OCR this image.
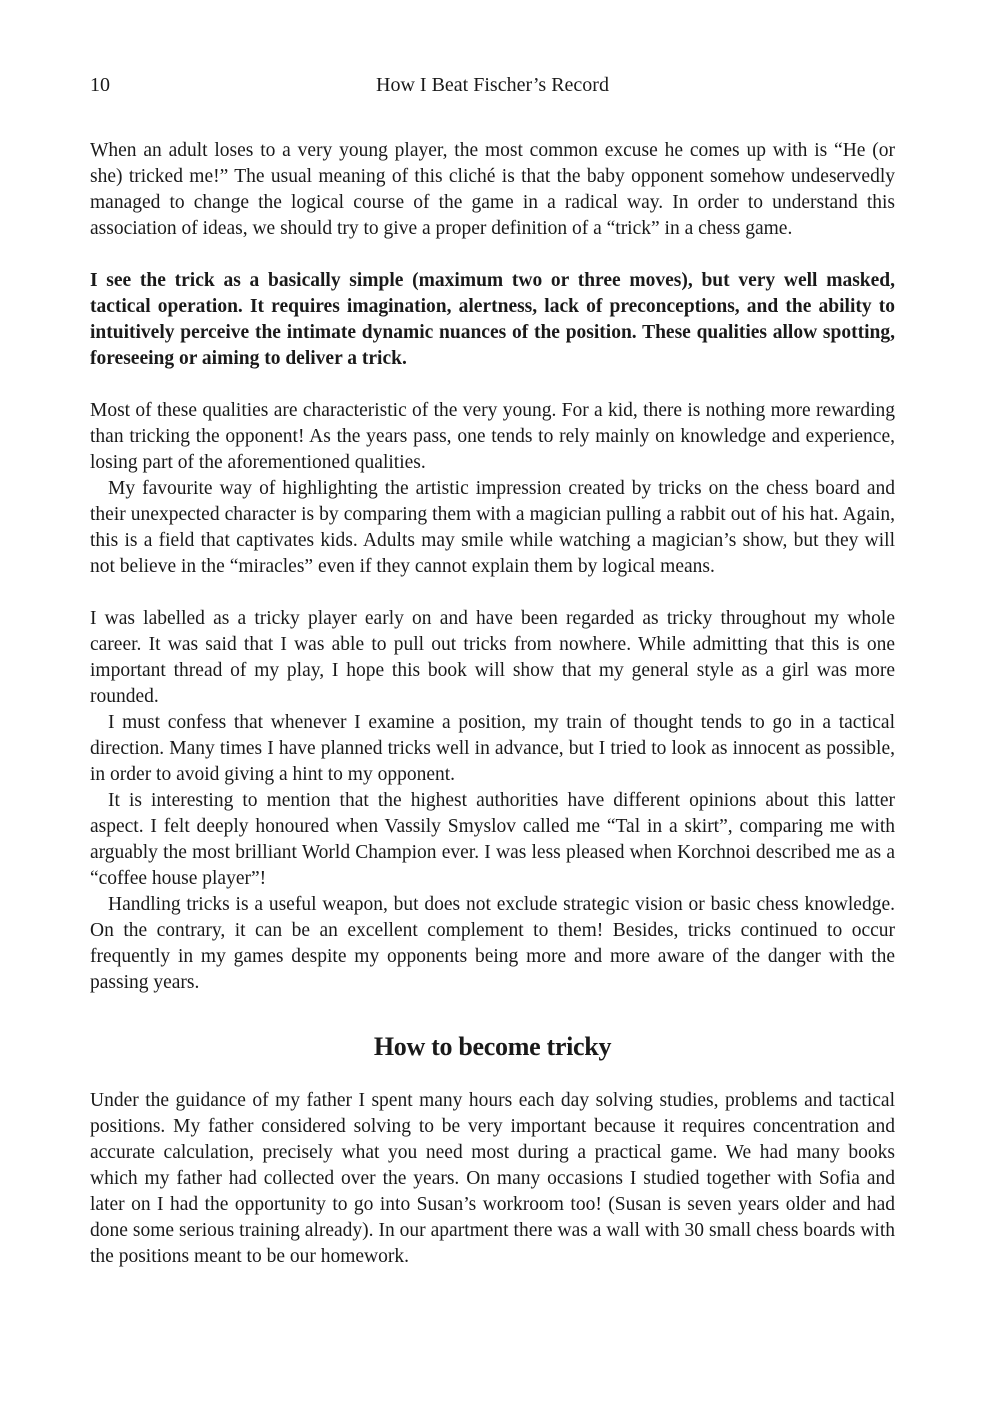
10	How I Beat Fischer’s Record

When an adult loses to a very young player, the most common excuse he comes up with is “He (or she) tricked me!” The usual meaning of this cliché is that the baby opponent somehow undeservedly managed to change the logical course of the game in a radical way. In order to understand this association of ideas, we should try to give a proper definition of a “trick” in a chess game.

I see the trick as a basically simple (maximum two or three moves), but very well masked, tactical operation. It requires imagination, alertness, lack of preconceptions, and the ability to intuitively perceive the intimate dynamic nuances of the position. These qualities allow spotting, foreseeing or aiming to deliver a trick.

Most of these qualities are characteristic of the very young. For a kid, there is nothing more rewarding than tricking the opponent! As the years pass, one tends to rely mainly on knowledge and experience, losing part of the aforementioned qualities.

My favourite way of highlighting the artistic impression created by tricks on the chess board and their unexpected character is by comparing them with a magician pulling a rabbit out of his hat. Again, this is a field that captivates kids. Adults may smile while watching a magician’s show, but they will not believe in the “miracles” even if they cannot explain them by logical means.

I was labelled as a tricky player early on and have been regarded as tricky throughout my whole career. It was said that I was able to pull out tricks from nowhere. While admitting that this is one important thread of my play, I hope this book will show that my general style as a girl was more rounded.

I must confess that whenever I examine a position, my train of thought tends to go in a tactical direction. Many times I have planned tricks well in advance, but I tried to look as innocent as possible, in order to avoid giving a hint to my opponent.

It is interesting to mention that the highest authorities have different opinions about this latter aspect. I felt deeply honoured when Vassily Smyslov called me “Tal in a skirt”, comparing me with arguably the most brilliant World Champion ever. I was less pleased when Korchnoi described me as a “coffee house player”!

Handling tricks is a useful weapon, but does not exclude strategic vision or basic chess knowledge. On the contrary, it can be an excellent complement to them! Besides, tricks continued to occur frequently in my games despite my opponents being more and more aware of the danger with the passing years.

How to become tricky

Under the guidance of my father I spent many hours each day solving studies, problems and tactical positions. My father considered solving to be very important because it requires concentration and accurate calculation, precisely what you need most during a practical game. We had many books which my father had collected over the years. On many occasions I studied together with Sofia and later on I had the opportunity to go into Susan’s workroom too! (Susan is seven years older and had done some serious training already). In our apartment there was a wall with 30 small chess boards with the positions meant to be our homework.
